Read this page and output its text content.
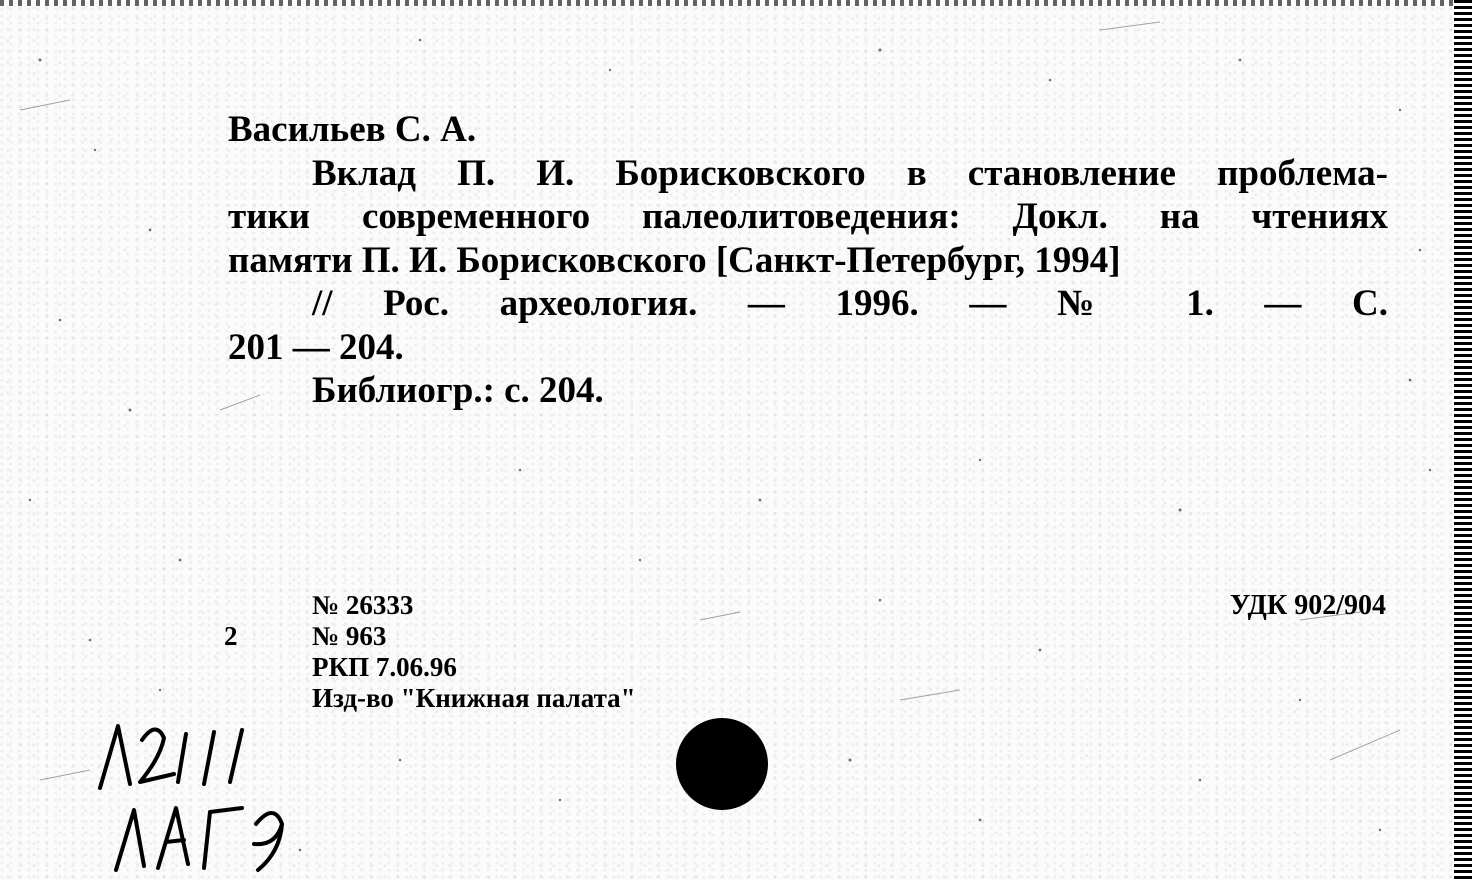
Васильев С. А.

Вклад П. И. Борисковского в становление проблема-

тики современного палеолитоведения: Докл. на чтениях

памяти П. И. Борисковского [Санкт-Петербург, 1994]

// Рос. археология. — 1996. — № 1. — С.

201 — 204.

Библиогр.: с. 204.

№ 26333
№ 963
РКП 7.06.96
Изд-во "Книжная палата"
2
УДК 902/904
